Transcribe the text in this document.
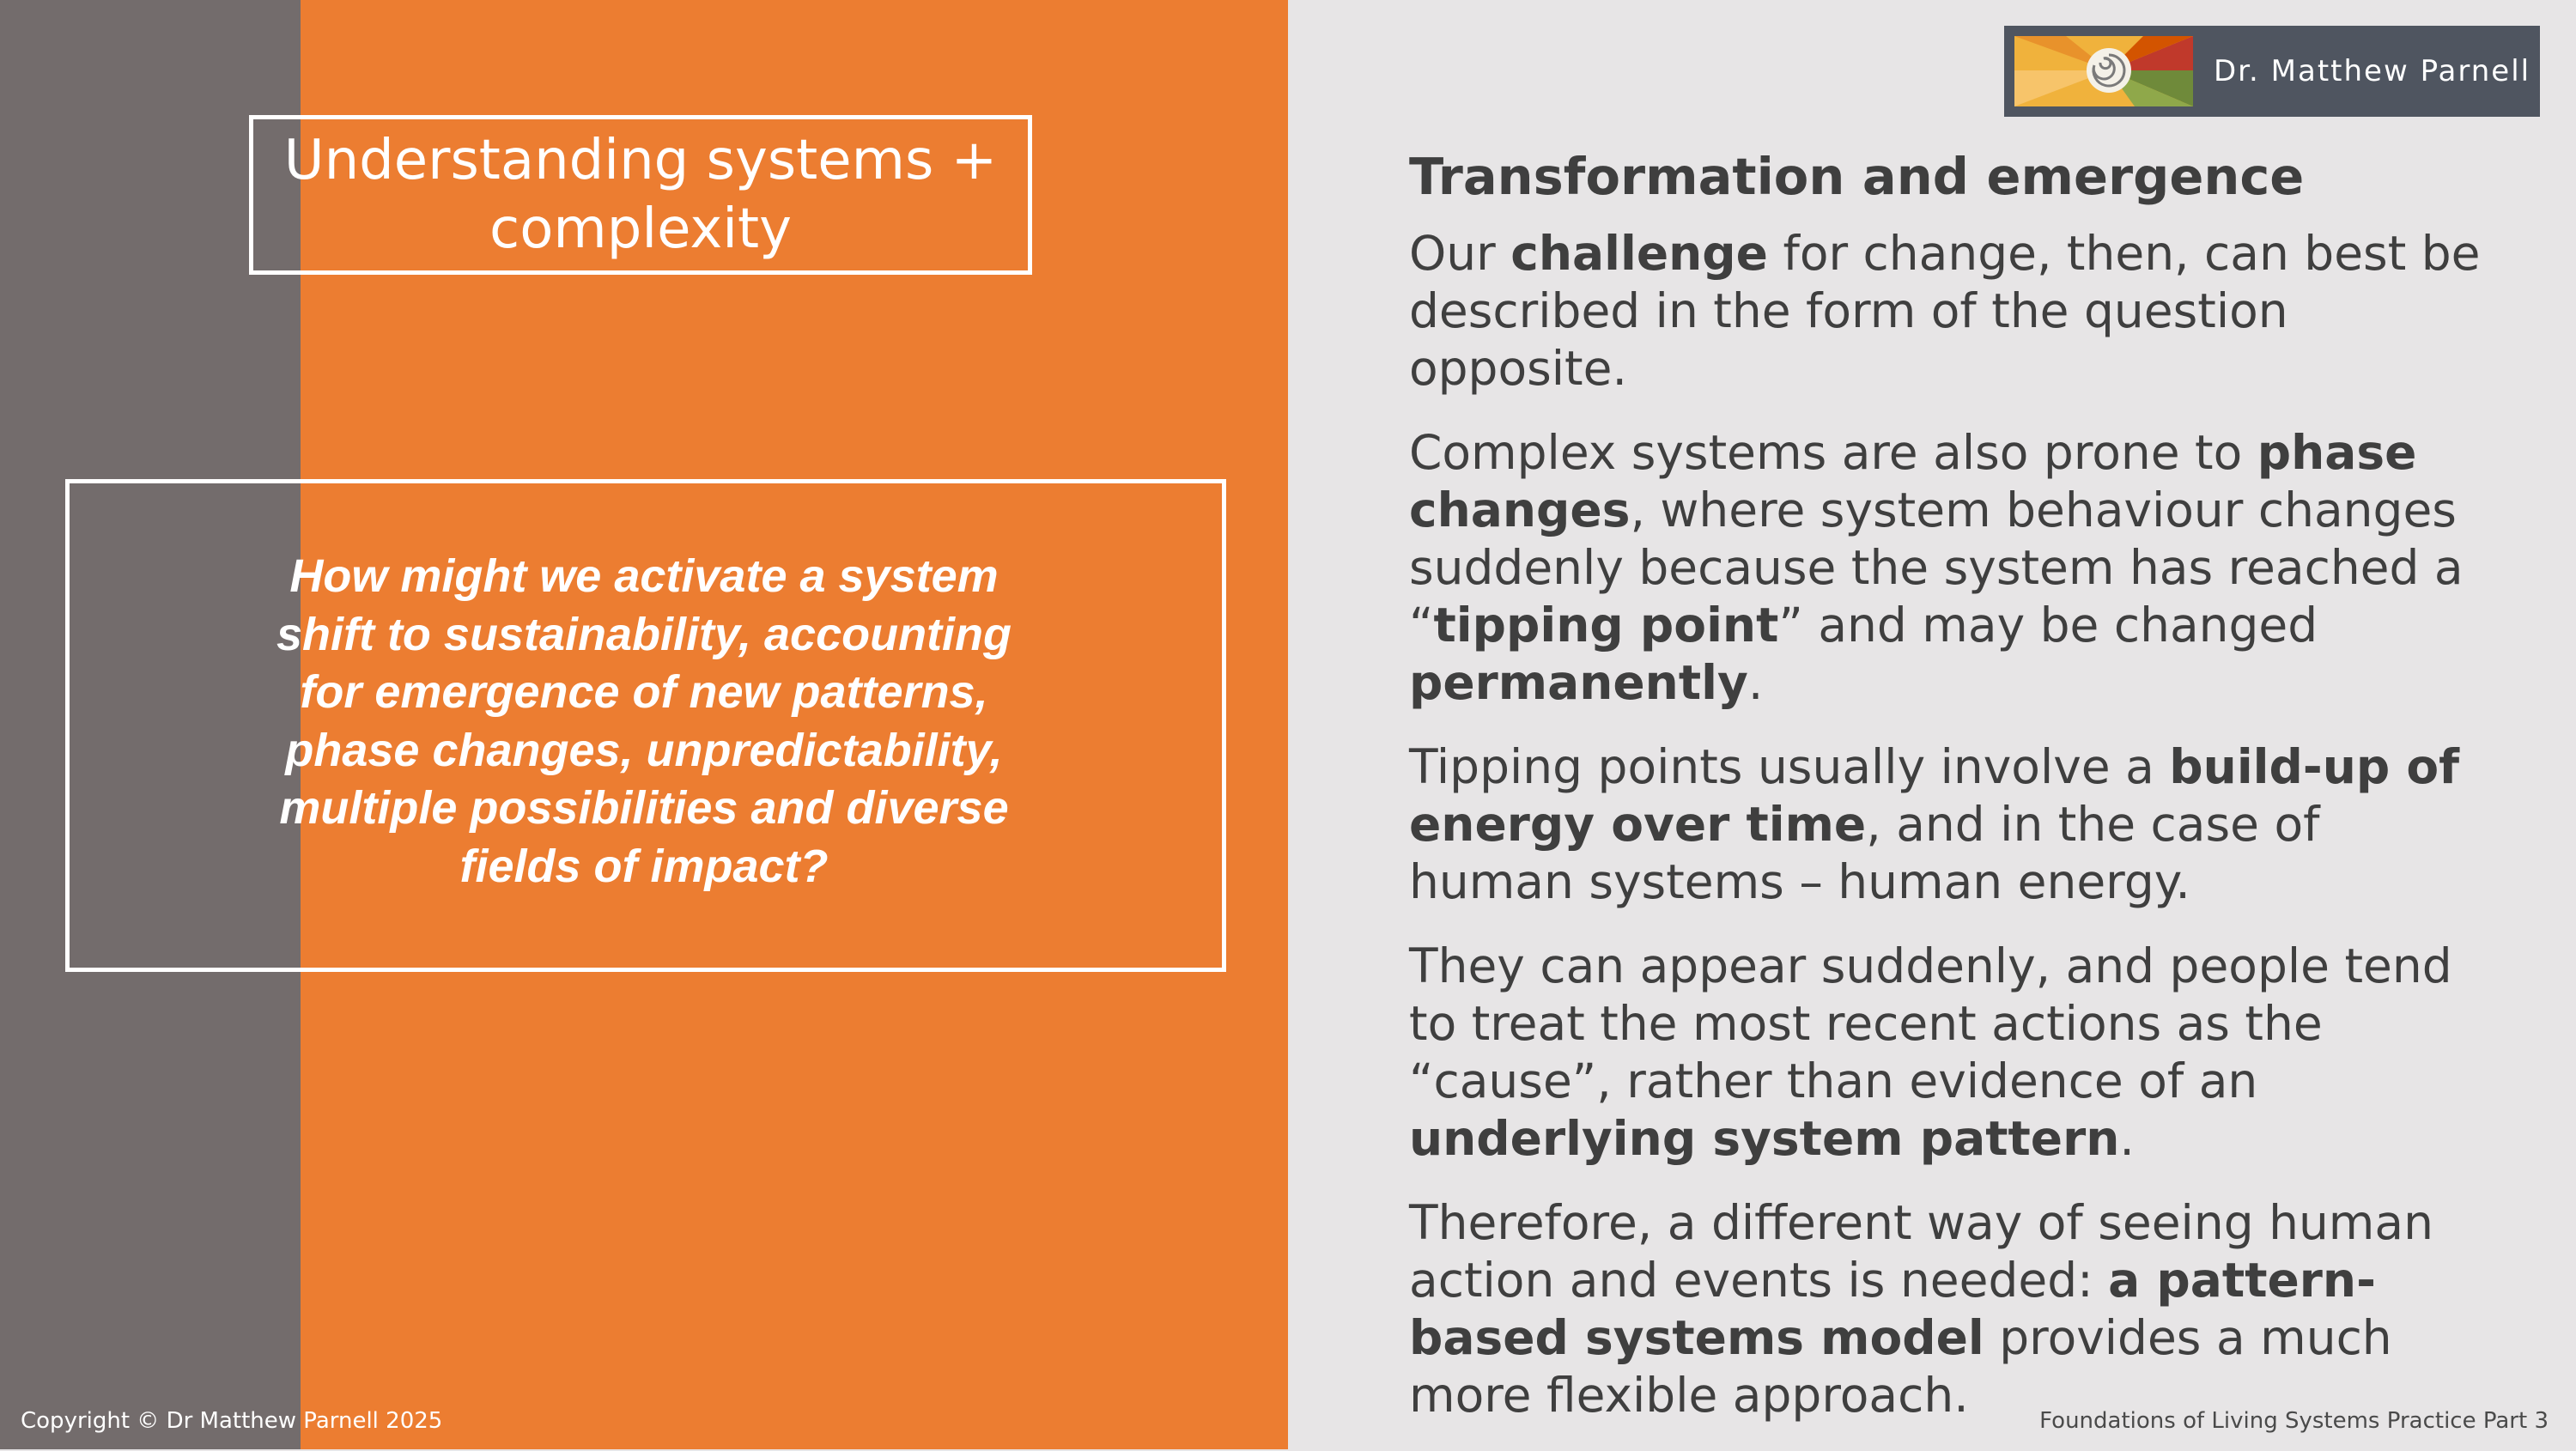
Understanding systems +
complexity
How might we activate a system
shift to sustainability, accounting
for emergence of new patterns,
phase changes, unpredictability,
multiple possibilities and diverse
fields of impact?
Dr. Matthew Parnell
Transformation and emergence

Our challenge for change, then, can best be described in the form of the question opposite.

Complex systems are also prone to phase changes, where system behaviour changes suddenly because the system has reached a “tipping point” and may be changed permanently.

Tipping points usually involve a build-up of energy over time, and in the case of human systems – human energy.

They can appear suddenly, and people tend to treat the most recent actions as the “cause”, rather than evidence of an underlying system pattern.

Therefore, a different way of seeing human action and events is needed: a pattern-based systems model provides a much more flexible approach.

Copyright © Dr Matthew Parnell 2025	Foundations of Living Systems Practice Part 3
